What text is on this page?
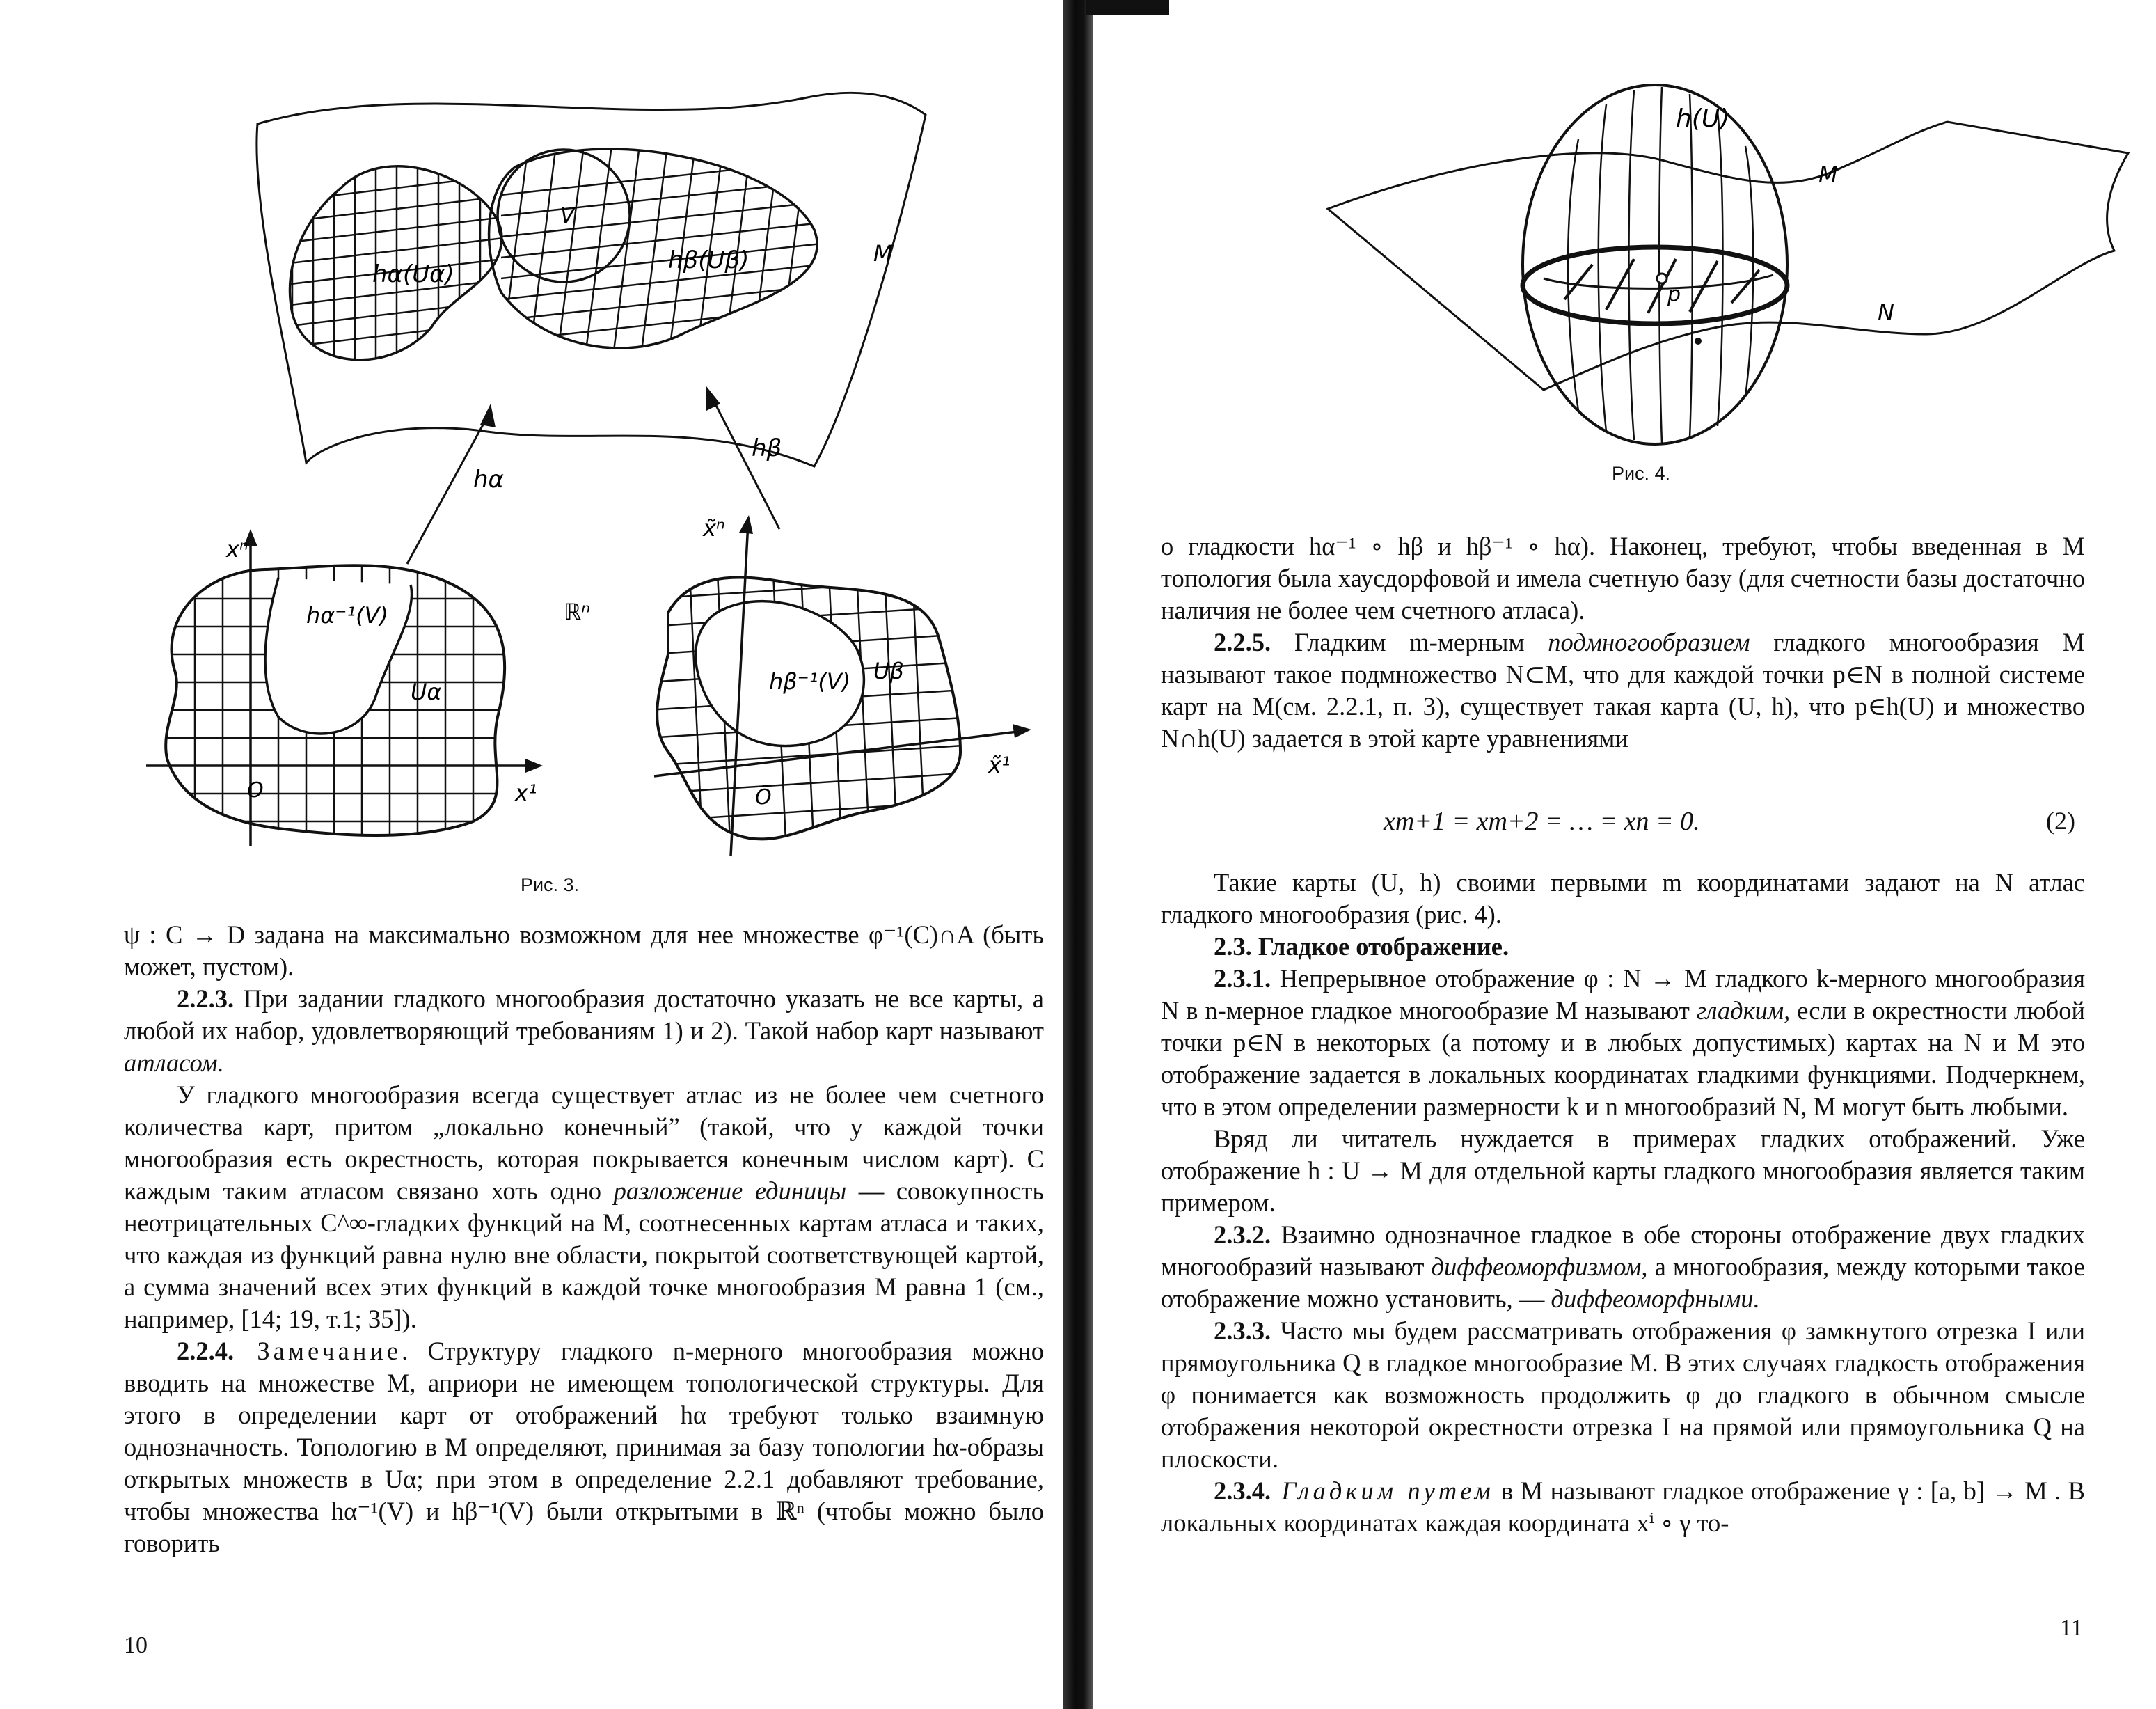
hα(Uα)	hβ(Uβ)
V
M
hα
hβ
xⁿ
x¹
O
hα⁻¹(V)
Uα
ℝⁿ
x̃ⁿ
x̃¹
Õ
hβ⁻¹(V) Uβ
Рис. 3.

ψ : C → D задана на максимально возможном для нее множестве φ⁻¹(C)∩A (быть может, пустом).

2.2.3. При задании гладкого многообразия достаточно указать не все карты, а любой их набор, удовлетворяющий требованиям 1) и 2). Такой набор карт называют атласом.

У гладкого многообразия всегда существует атлас из не более чем счетного количества карт, притом „локально конечный” (такой, что у каждой точки многообразия есть окрестность, которая покрывается конечным числом карт). С каждым таким атласом связано хоть одно разложение единицы — совокупность неотрицательных C^∞-гладких функций на M, соотнесенных картам атласа и таких, что каждая из функций равна нулю вне области, покрытой соответствующей картой, а сумма значений всех этих функций в каждой точке многообразия M равна 1 (см., например, [14; 19, т.1; 35]).

2.2.4. Замечание. Структуру гладкого n-мерного многообразия можно вводить на множестве M, априори не имеющем топологической структуры. Для этого в определении карт от отображений hα требуют только взаимную однозначность. Топологию в M определяют, принимая за базу топологии hα-образы открытых множеств в Uα; при этом в определение 2.2.1 добавляют требование, чтобы множества hα⁻¹(V) и hβ⁻¹(V) были открытыми в ℝⁿ (чтобы можно было говорить

10
h(U)
M
N
p
Рис. 4.

о гладкости hα⁻¹ ∘ hβ и hβ⁻¹ ∘ hα). Наконец, требуют, чтобы введенная в M топология была хаусдорфовой и имела счетную базу (для счетности базы достаточно наличия не более чем счетного атласа).

2.2.5. Гладким m-мерным подмногообразием гладкого многообразия M называют такое подмножество N⊂M, что для каждой точки p∈N в полной системе карт на M(см. 2.2.1, п. 3), существует такая карта (U, h), что p∈h(U) и множество N∩h(U) задается в этой карте уравнениями

xm+1 = xm+2 = … = xn = 0.	(2)

Такие карты (U, h) своими первыми m координатами задают на N атлас гладкого многообразия (рис. 4).

2.3. Гладкое отображение.

2.3.1. Непрерывное отображение φ : N → M гладкого k-мерного многообразия N в n-мерное гладкое многообразие M называют гладким, если в окрестности любой точки p∈N в некоторых (а потому и в любых допустимых) картах на N и M это отображение задается в локальных координатах гладкими функциями. Подчеркнем, что в этом определении размерности k и n многообразий N, M могут быть любыми.

Вряд ли читатель нуждается в примерах гладких отображений. Уже отображение h : U → M для отдельной карты гладкого многообразия является таким примером.

2.3.2. Взаимно однозначное гладкое в обе стороны отображение двух гладких многообразий называют диффеоморфизмом, а многообразия, между которыми такое отображение можно установить, — диффеоморфными.

2.3.3. Часто мы будем рассматривать отображения φ замкнутого отрезка I или прямоугольника Q в гладкое многообразие M. В этих случаях гладкость отображения φ понимается как возможность продолжить φ до гладкого в обычном смысле отображения некоторой окрестности отрезка I на прямой или прямоугольника Q на плоскости.

2.3.4. Гладким путем в M называют гладкое отображение γ : [a, b] → M . В локальных координатах каждая координата xⁱ ∘ γ то-

11
